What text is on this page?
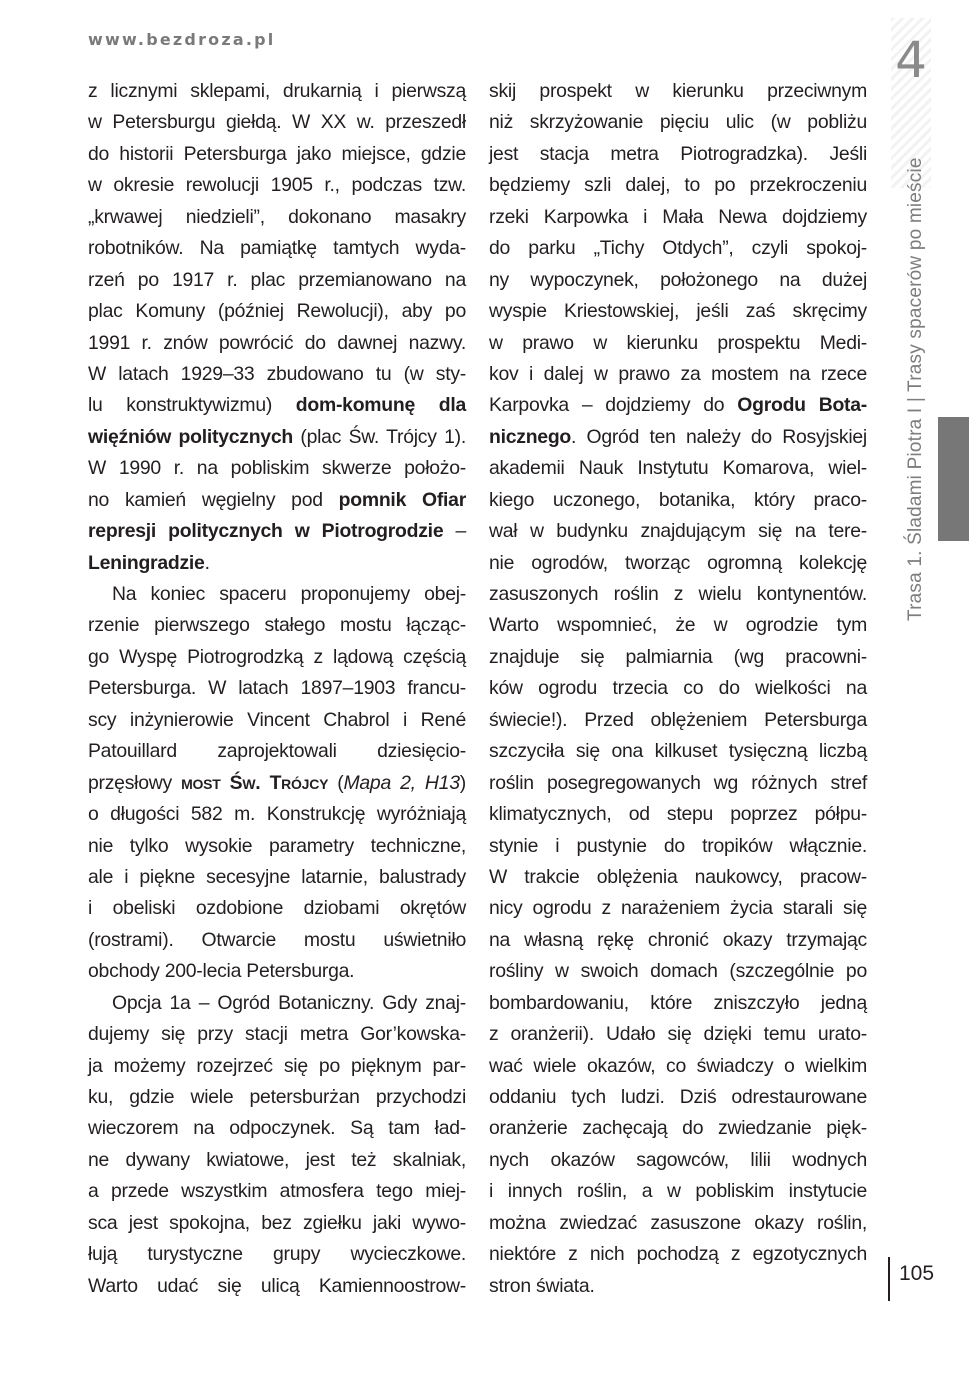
www.bezdroza.pl	4
Trasa 1. Śladami Piotra I | Trasy spacerów po mieście
z licznymi sklepami, drukarnią i pierwszą
w Petersburgu giełdą. W XX w. przeszedł
do historii Petersburga jako miejsce, gdzie
w okresie rewolucji 1905 r., podczas tzw.
„krwawej niedzieli”, dokonano masakry
robotników. Na pamiątkę tamtych wyda-
rzeń po 1917 r. plac przemianowano na
plac Komuny (później Rewolucji), aby po
1991 r. znów powrócić do dawnej nazwy.
W latach 1929–33 zbudowano tu (w sty-
lu konstruktywizmu) dom-komunę dla
więźniów politycznych (plac Św. Trójcy 1).
W 1990 r. na pobliskim skwerze położo-
no kamień węgielny pod pomnik Ofiar
represji politycznych w Piotrogrodzie –
Leningradzie.
Na koniec spaceru proponujemy obej-
rzenie pierwszego stałego mostu łącząc-
go Wyspę Piotrogrodzką z lądową częścią
Petersburga. W latach 1897–1903 francu-
scy inżynierowie Vincent Chabrol i René
Patouillard zaprojektowali dziesięcio-
przęsłowy most Św. Trójcy (Mapa 2, H13)
o długości 582 m. Konstrukcję wyróżniają
nie tylko wysokie parametry techniczne,
ale i piękne secesyjne latarnie, balustrady
i obeliski ozdobione dziobami okrętów
(rostrami). Otwarcie mostu uświetniło
obchody 200-lecia Petersburga.
Opcja 1a – Ogród Botaniczny. Gdy znaj-
dujemy się przy stacji metra Gor’kowska-
ja możemy rozejrzeć się po pięknym par-
ku, gdzie wiele petersburżan przychodzi
wieczorem na odpoczynek. Są tam ład-
ne dywany kwiatowe, jest też skalniak,
a przede wszystkim atmosfera tego miej-
sca jest spokojna, bez zgiełku jaki wywo-
łują turystyczne grupy wycieczkowe.
Warto udać się ulicą Kamiennoostrow-
skij prospekt w kierunku przeciwnym
niż skrzyżowanie pięciu ulic (w pobliżu
jest stacja metra Piotrogradzka). Jeśli
będziemy szli dalej, to po przekroczeniu
rzeki Karpowka i Mała Newa dojdziemy
do parku „Tichy Otdych”, czyli spokoj-
ny wypoczynek, położonego na dużej
wyspie Kriestowskiej, jeśli zaś skręcimy
w prawo w kierunku prospektu Medi-
kov i dalej w prawo za mostem na rzece
Karpovka – dojdziemy do Ogrodu Bota-
nicznego. Ogród ten należy do Rosyjskiej
akademii Nauk Instytutu Komarova, wiel-
kiego uczonego, botanika, który praco-
wał w budynku znajdującym się na tere-
nie ogrodów, tworząc ogromną kolekcję
zasuszonych roślin z wielu kontynentów.
Warto wspomnieć, że w ogrodzie tym
znajduje się palmiarnia (wg pracowni-
ków ogrodu trzecia co do wielkości na
świecie!). Przed oblężeniem Petersburga
szczyciła się ona kilkuset tysięczną liczbą
roślin posegregowanych wg różnych stref
klimatycznych, od stepu poprzez półpu-
stynie i pustynie do tropików włącznie.
W trakcie oblężenia naukowcy, pracow-
nicy ogrodu z narażeniem życia starali się
na własną rękę chronić okazy trzymając
rośliny w swoich domach (szczególnie po
bombardowaniu, które zniszczyło jedną
z oranżerii). Udało się dzięki temu urato-
wać wiele okazów, co świadczy o wielkim
oddaniu tych ludzi. Dziś odrestaurowane
oranżerie zachęcają do zwiedzanie pięk-
nych okazów sagowców, lilii wodnych
i innych roślin, a w pobliskim instytucie
można zwiedzać zasuszone okazy roślin,
niektóre z nich pochodzą z egzotycznych
stron świata.
105
